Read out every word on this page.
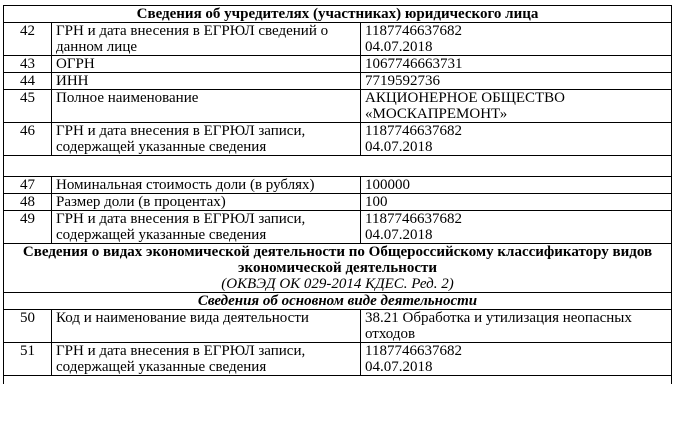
Сведения об учредителях (участниках) юридического лица		
42	ГРН и дата внесения в ЕГРЮЛ сведений о данном лице	1187746637682
04.07.2018

43	ОГРН	1067746663731

44	ИНН	7719592736

45	Полное наименование	АКЦИОНЕРНОЕ ОБЩЕСТВО
«МОСКАПРЕМОНТ»

46	ГРН и дата внесения в ЕГРЮЛ записи, содержащей указанные сведения	1187746637682
04.07.2018

47	Номинальная стоимость доли (в рублях)	100000

48	Размер доли (в процентах)	100

49	ГРН и дата внесения в ЕГРЮЛ записи, содержащей указанные сведения	1187746637682
04.07.2018

Сведения о видах экономической деятельности по Общероссийскому классификатору видов экономической деятельности
(ОКВЭД ОК 029-2014 КДЕС. Ред. 2)		

Сведения об основном виде деятельности		
50	Код и наименование вида деятельности	38.21 Обработка и утилизация неопасных отходов

51	ГРН и дата внесения в ЕГРЮЛ записи, содержащей указанные сведения	1187746637682
04.07.2018
